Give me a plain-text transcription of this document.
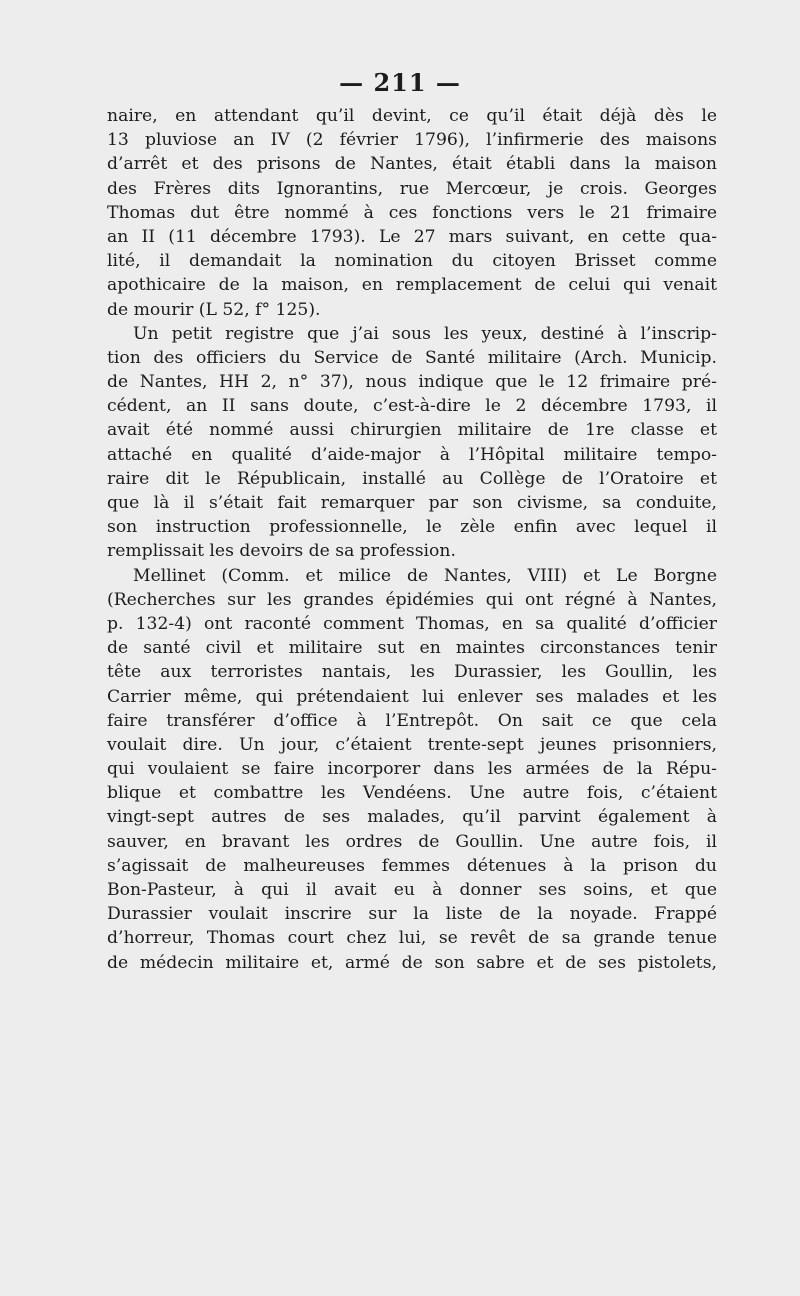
— 211 —
naire, en attendant qu’il devint, ce qu’il était déjà dès le
13 pluviose an IV (2 février 1796), l’infirmerie des maisons
d’arrêt et des prisons de Nantes, était établi dans la maison
des Frères dits Ignorantins, rue Mercœur, je crois. Georges
Thomas dut être nommé à ces fonctions vers le 21 frimaire
an II (11 décembre 1793). Le 27 mars suivant, en cette qua-
lité, il demandait la nomination du citoyen Brisset comme
apothicaire de la maison, en remplacement de celui qui venait
de mourir (L 52, f° 125).
Un petit registre que j’ai sous les yeux, destiné à l’inscrip-
tion des officiers du Service de Santé militaire (Arch. Municip.
de Nantes, HH 2, n° 37), nous indique que le 12 frimaire pré-
cédent, an II sans doute, c’est-à-dire le 2 décembre 1793, il
avait été nommé aussi chirurgien militaire de 1re classe et
attaché en qualité d’aide-major à l’Hôpital militaire tempo-
raire dit le Républicain, installé au Collège de l’Oratoire et
que là il s’était fait remarquer par son civisme, sa conduite,
son instruction professionnelle, le zèle enfin avec lequel il
remplissait les devoirs de sa profession.
Mellinet (Comm. et milice de Nantes, VIII) et Le Borgne
(Recherches sur les grandes épidémies qui ont régné à Nantes,
p. 132-4) ont raconté comment Thomas, en sa qualité d’officier
de santé civil et militaire sut en maintes circonstances tenir
tête aux terroristes nantais, les Durassier, les Goullin, les
Carrier même, qui prétendaient lui enlever ses malades et les
faire transférer d’office à l’Entrepôt. On sait ce que cela
voulait dire. Un jour, c’étaient trente-sept jeunes prisonniers,
qui voulaient se faire incorporer dans les armées de la Répu-
blique et combattre les Vendéens. Une autre fois, c’étaient
vingt-sept autres de ses malades, qu’il parvint également à
sauver, en bravant les ordres de Goullin. Une autre fois, il
s’agissait de malheureuses femmes détenues à la prison du
Bon-Pasteur, à qui il avait eu à donner ses soins, et que
Durassier voulait inscrire sur la liste de la noyade. Frappé
d’horreur, Thomas court chez lui, se revêt de sa grande tenue
de médecin militaire et, armé de son sabre et de ses pistolets,
